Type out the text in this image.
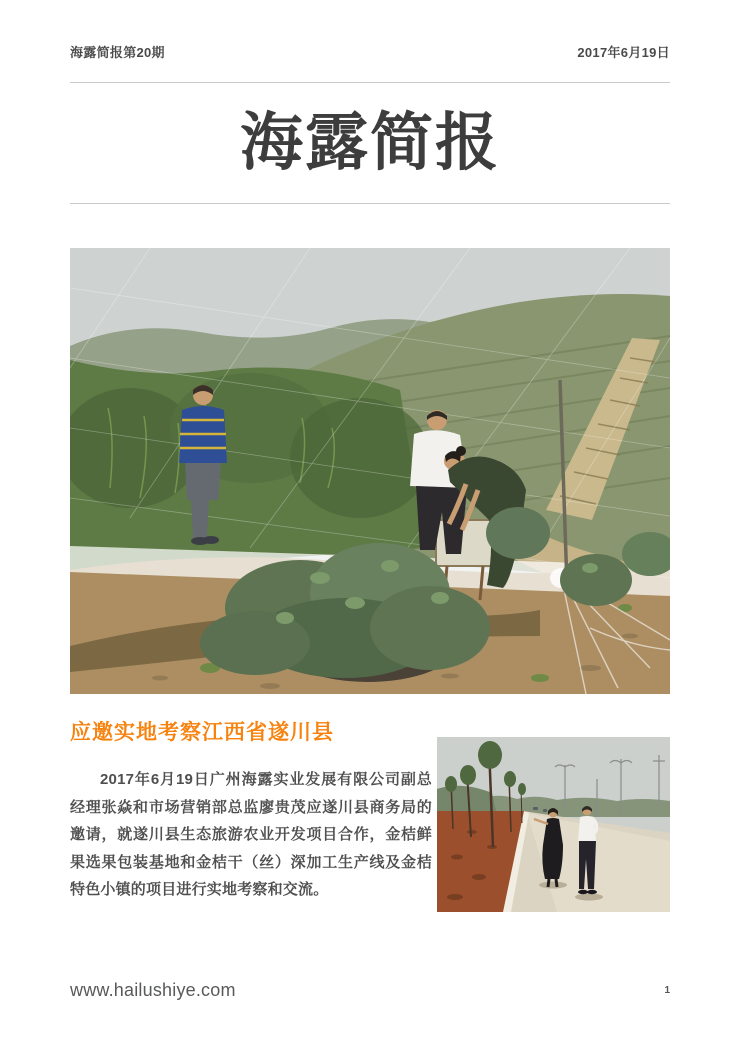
海露简报第20期	2017年6月19日
海露简报
应邀实地考察江西省遂川县

2017年6月19日广州海露实业发展有限公司副总经理张焱和市场营销部总监廖贵茂应遂川县商务局的邀请，就遂川县生态旅游农业开发项目合作，金桔鲜果选果包装基地和金桔干（丝）深加工生产线及金桔特色小镇的项目进行实地考察和交流。

www.hailushiye.com	1
